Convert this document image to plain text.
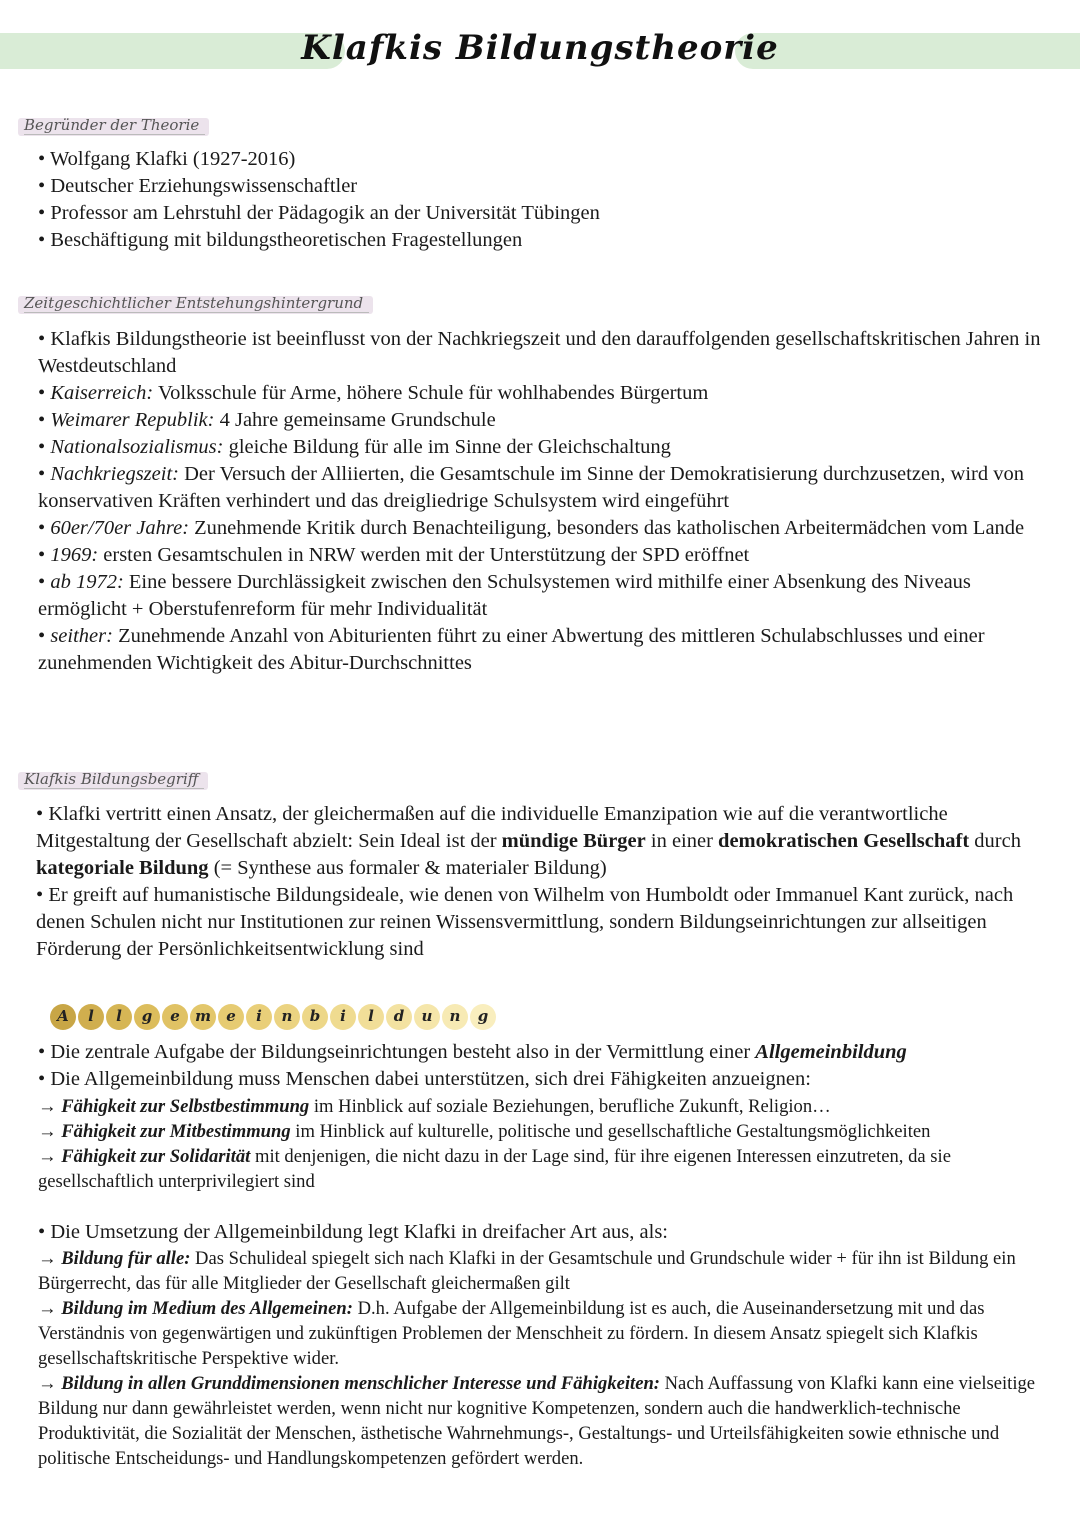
Klafkis Bildungstheorie
Begründer der Theorie

• Wolfgang Klafki (1927-2016)

• Deutscher Erziehungswissenschaftler

• Professor am Lehrstuhl der Pädagogik an der Universität Tübingen

• Beschäftigung mit bildungstheoretischen Fragestellungen

Zeitgeschichtlicher Entstehungshintergrund

• Klafkis Bildungstheorie ist beeinflusst von der Nachkriegszeit und den darauffolgenden gesellschaftskritischen Jahren in Westdeutschland

• Kaiserreich: Volksschule für Arme, höhere Schule für wohlhabendes Bürgertum

• Weimarer Republik: 4 Jahre gemeinsame Grundschule

• Nationalsozialismus: gleiche Bildung für alle im Sinne der Gleichschaltung

• Nachkriegszeit: Der Versuch der Alliierten, die Gesamtschule im Sinne der Demokratisierung durchzusetzen, wird von konservativen Kräften verhindert und das dreigliedrige Schulsystem wird eingeführt

• 60er/70er Jahre: Zunehmende Kritik durch Benachteiligung, besonders das katholischen Arbeitermädchen vom Lande

• 1969: ersten Gesamtschulen in NRW werden mit der Unterstützung der SPD eröffnet

• ab 1972: Eine bessere Durchlässigkeit zwischen den Schulsystemen wird mithilfe einer Absenkung des Niveaus ermöglicht + Oberstufenreform für mehr Individualität

• seither: Zunehmende Anzahl von Abiturienten führt zu einer Abwertung des mittleren Schulabschlusses und einer zunehmenden Wichtigkeit des Abitur-Durchschnittes

Klafkis Bildungsbegriff

• Klafki vertritt einen Ansatz, der gleichermaßen auf die individuelle Emanzipation wie auf die verantwortliche Mitgestaltung der Gesellschaft abzielt: Sein Ideal ist der mündige Bürger in einer demokratischen Gesellschaft durch kategoriale Bildung (= Synthese aus formaler & materialer Bildung)

• Er greift auf humanistische Bildungsideale, wie denen von Wilhelm von Humboldt oder Immanuel Kant zurück, nach denen Schulen nicht nur Institutionen zur reinen Wissensvermittlung, sondern Bildungseinrichtungen zur allseitigen Förderung der Persönlichkeitsentwicklung sind

A l l g e m e i n b i l d u n g

• Die zentrale Aufgabe der Bildungseinrichtungen besteht also in der Vermittlung einer Allgemeinbildung

• Die Allgemeinbildung muss Menschen dabei unterstützen, sich drei Fähigkeiten anzueignen:

→ Fähigkeit zur Selbstbestimmung im Hinblick auf soziale Beziehungen, berufliche Zukunft, Religion…

→ Fähigkeit zur Mitbestimmung im Hinblick auf kulturelle, politische und gesellschaftliche Gestaltungsmöglichkeiten

→ Fähigkeit zur Solidarität mit denjenigen, die nicht dazu in der Lage sind, für ihre eigenen Interessen einzutreten, da sie gesellschaftlich unterprivilegiert sind

• Die Umsetzung der Allgemeinbildung legt Klafki in dreifacher Art aus, als:

→ Bildung für alle: Das Schulideal spiegelt sich nach Klafki in der Gesamtschule und Grundschule wider + für ihn ist Bildung ein Bürgerrecht, das für alle Mitglieder der Gesellschaft gleichermaßen gilt

→ Bildung im Medium des Allgemeinen: D.h. Aufgabe der Allgemeinbildung ist es auch, die Auseinandersetzung mit und das Verständnis von gegenwärtigen und zukünftigen Problemen der Menschheit zu fördern. In diesem Ansatz spiegelt sich Klafkis gesellschaftskritische Perspektive wider.

→ Bildung in allen Grunddimensionen menschlicher Interesse und Fähigkeiten: Nach Auffassung von Klafki kann eine vielseitige Bildung nur dann gewährleistet werden, wenn nicht nur kognitive Kompetenzen, sondern auch die handwerklich-technische Produktivität, die Sozialität der Menschen, ästhetische Wahrnehmungs-, Gestaltungs- und Urteilsfähigkeiten sowie ethnische und politische Entscheidungs- und Handlungskompetenzen gefördert werden.
